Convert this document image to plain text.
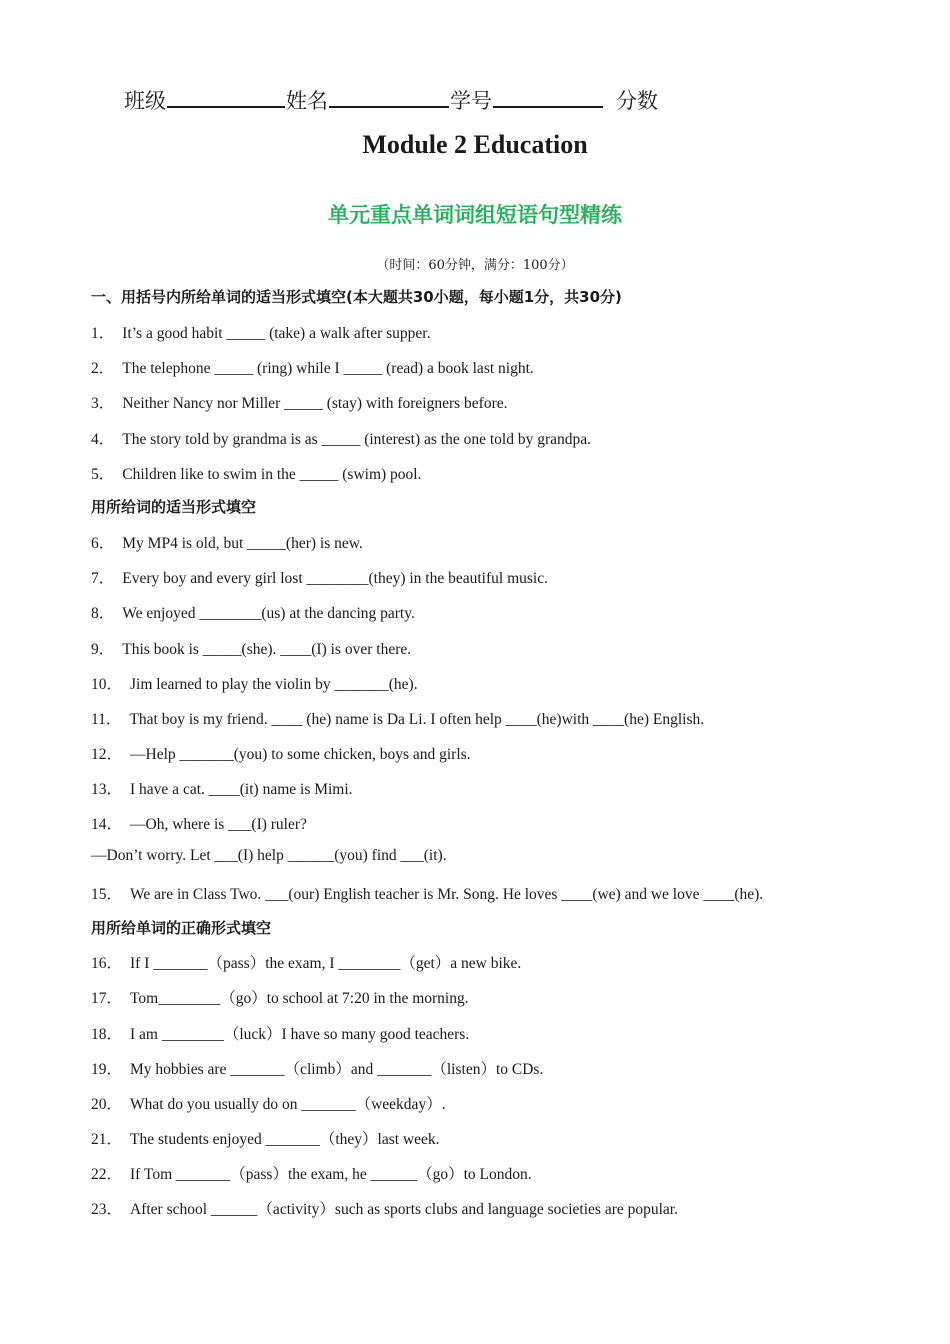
班级	姓名	学号	分数
Module 2 Education
单元重点单词词组短语句型精练
（时间：60分钟，满分：100分）
一、用括号内所给单词的适当形式填空(本大题共30小题，每小题1分，共30分)
1． It’s a good habit _____ (take) a walk after supper.
2． The telephone _____ (ring) while I _____ (read) a book last night.
3． Neither Nancy nor Miller _____ (stay) with foreigners before.
4． The story told by grandma is as _____ (interest) as the one told by grandpa.
5． Children like to swim in the _____ (swim) pool.
用所给词的适当形式填空
6． My MP4 is old, but _____(her) is new.
7． Every boy and every girl lost ________(they) in the beautiful music.
8． We enjoyed ________(us) at the dancing party.
9． This book is _____(she). ____(I) is over there.
10． Jim learned to play the violin by _______(he).
11． That boy is my friend. ____ (he) name is Da Li. I often help ____(he)with ____(he) English.
12． —Help _______(you) to some chicken, boys and girls.
13． I have a cat. ____(it) name is Mimi.
14． —Oh, where is ___(I) ruler?
—Don’t worry. Let ___(I) help ______(you) find ___(it).
15． We are in Class Two. ___(our) English teacher is Mr. Song. He loves ____(we) and we love ____(he).
用所给单词的正确形式填空
16． If I _______（pass）the exam, I ________（get）a new bike.
17． Tom________（go）to school at 7:20 in the morning.
18． I am ________（luck）I have so many good teachers.
19． My hobbies are _______（climb）and _______（listen）to CDs.
20． What do you usually do on _______（weekday）.
21． The students enjoyed _______（they）last week.
22． If Tom _______（pass）the exam, he ______（go）to London.
23． After school ______（activity）such as sports clubs and language societies are popular.
